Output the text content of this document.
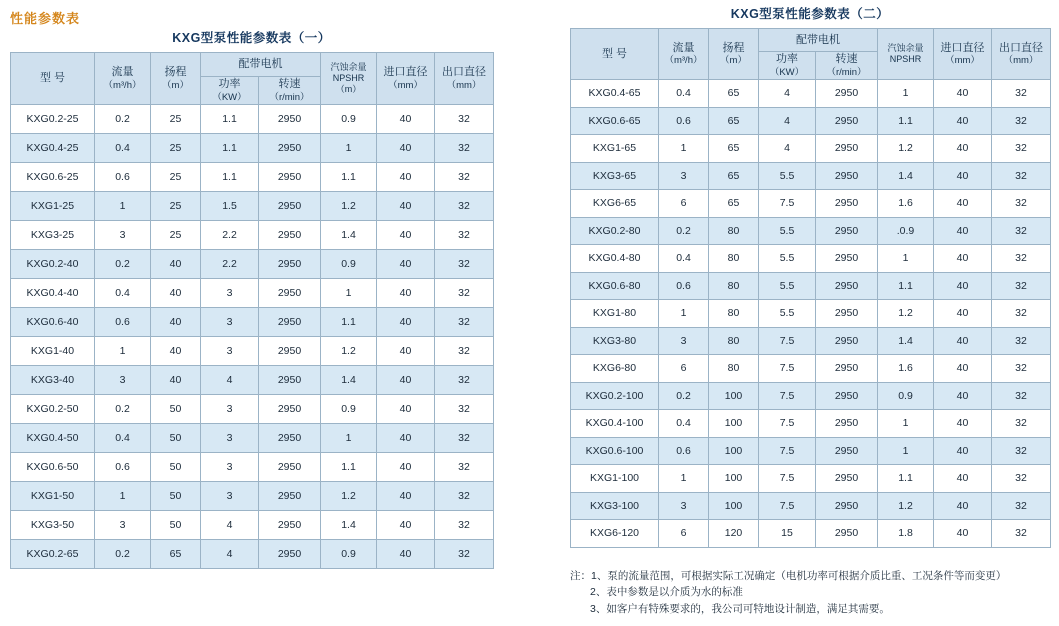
性能参数表
KXG型泵性能参数表（一）
型 号	流量
（m³/h）	扬程
（m）	配带电机		汽蚀余量
NPSHR
（m）	进口直径
（mm）	出口直径
（mm）

			功率
（KW）	转速
（r/min）			

KXG0.2-25	0.2	25	1.1	2950	0.9	40	32
KXG0.4-25	0.4	25	1.1	2950	1	40	32
KXG0.6-25	0.6	25	1.1	2950	1.1	40	32
KXG1-25	1	25	1.5	2950	1.2	40	32
KXG3-25	3	25	2.2	2950	1.4	40	32
KXG0.2-40	0.2	40	2.2	2950	0.9	40	32
KXG0.4-40	0.4	40	3	2950	1	40	32
KXG0.6-40	0.6	40	3	2950	1.1	40	32
KXG1-40	1	40	3	2950	1.2	40	32
KXG3-40	3	40	4	2950	1.4	40	32
KXG0.2-50	0.2	50	3	2950	0.9	40	32
KXG0.4-50	0.4	50	3	2950	1	40	32
KXG0.6-50	0.6	50	3	2950	1.1	40	32
KXG1-50	1	50	3	2950	1.2	40	32
KXG3-50	3	50	4	2950	1.4	40	32
KXG0.2-65	0.2	65	4	2950	0.9	40	32
KXG型泵性能参数表（二）
型 号	流量
（m³/h）	扬程
（m）	配带电机		汽蚀余量
NPSHR	进口直径
（mm）	出口直径
（mm）

			功率
（KW）	转速
（r/min）			

KXG0.4-65	0.4	65	4	2950	1	40	32
KXG0.6-65	0.6	65	4	2950	1.1	40	32
KXG1-65	1	65	4	2950	1.2	40	32
KXG3-65	3	65	5.5	2950	1.4	40	32
KXG6-65	6	65	7.5	2950	1.6	40	32
KXG0.2-80	0.2	80	5.5	2950	.0.9	40	32
KXG0.4-80	0.4	80	5.5	2950	1	40	32
KXG0.6-80	0.6	80	5.5	2950	1.1	40	32
KXG1-80	1	80	5.5	2950	1.2	40	32
KXG3-80	3	80	7.5	2950	1.4	40	32
KXG6-80	6	80	7.5	2950	1.6	40	32
KXG0.2-100	0.2	100	7.5	2950	0.9	40	32
KXG0.4-100	0.4	100	7.5	2950	1	40	32
KXG0.6-100	0.6	100	7.5	2950	1	40	32
KXG1-100	1	100	7.5	2950	1.1	40	32
KXG3-100	3	100	7.5	2950	1.2	40	32
KXG6-120	6	120	15	2950	1.8	40	32
注：1、泵的流量范围，可根据实际工况确定（电机功率可根据介质比重、工况条件等而变更）
2、表中参数是以介质为水的标准
3、如客户有特殊要求的，我公司可特地设计制造，满足其需要。
